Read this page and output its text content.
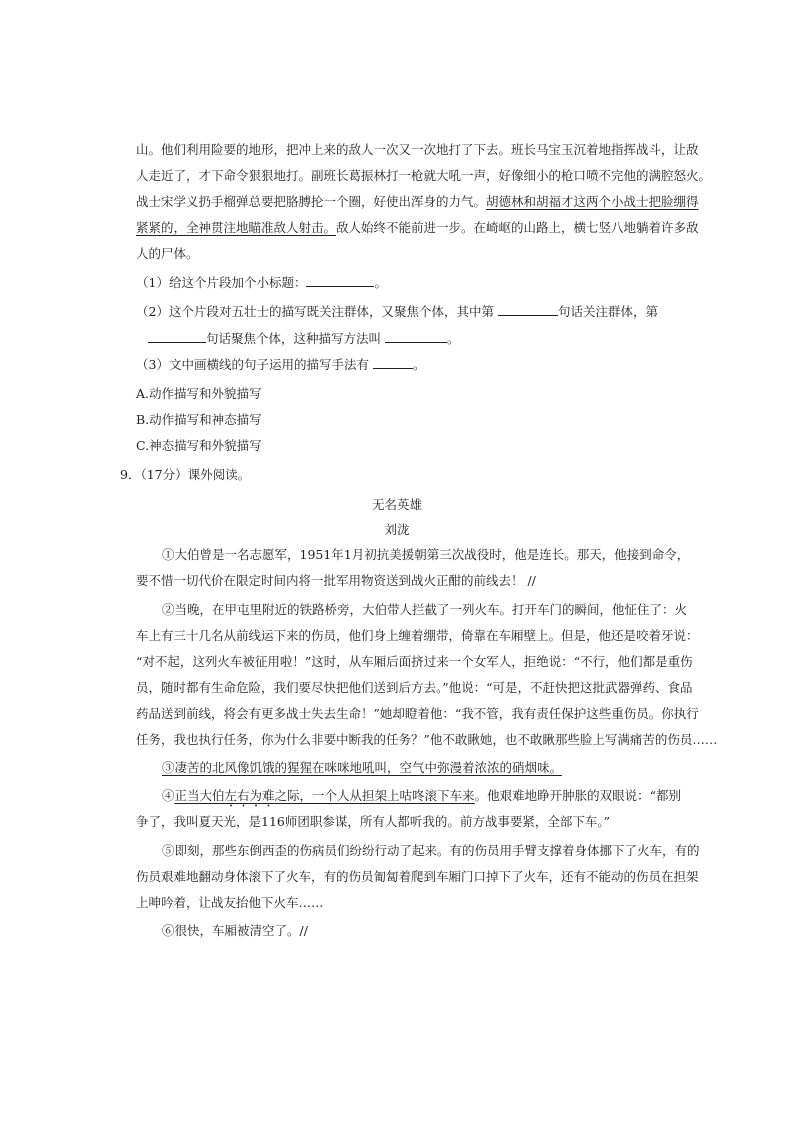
山。他们利用险要的地形，把冲上来的敌人一次又一次地打了下去。班长马宝玉沉着地指挥战斗，让敌
人走近了，才下命令狠狠地打。副班长葛振林打一枪就大吼一声，好像细小的枪口喷不完他的满腔怒火。
战士宋学义扔手榴弹总要把胳膊抡一个圈，好使出浑身的力气。胡德林和胡福才这两个小战士把脸绷得
紧紧的，全神贯注地瞄准敌人射击。敌人始终不能前进一步。在崎岖的山路上，横七竖八地躺着许多敌
人的尸体。
（1）给这个片段加个小标题：	。
（2）这个片段对五壮士的描写既关注群体，又聚焦个体，其中第	句话关注群体，第
句话聚焦个体，这种描写方法叫	。
（3）文中画横线的句子运用的描写手法有	。
A.动作描写和外貌描写
B.动作描写和神态描写
C.神态描写和外貌描写
9．（17分）课外阅读。
无名英雄
刘泷
①大伯曾是一名志愿军，1951年1月初抗美援朝第三次战役时，他是连长。那天，他接到命令，
要不惜一切代价在限定时间内将一批军用物资送到战火正酣的前线去！ //
②当晚，在甲屯里附近的铁路桥旁，大伯带人拦截了一列火车。打开车门的瞬间，他怔住了：火
车上有三十几名从前线运下来的伤员，他们身上缠着绷带，倚靠在车厢壁上。但是，他还是咬着牙说：
“对不起，这列火车被征用啦！”这时，从车厢后面挤过来一个女军人，拒绝说：“不行，他们都是重伤
员，随时都有生命危险，我们要尽快把他们送到后方去。”他说：“可是，不赶快把这批武器弹药、食品
药品送到前线，将会有更多战士失去生命！”她却瞪着他：“我不管，我有责任保护这些重伤员。你执行
任务，我也执行任务，你为什么非要中断我的任务？”他不敢瞅她，也不敢瞅那些脸上写满痛苦的伤员……
③凄苦的北风像饥饿的猩猩在咪咪地吼叫，空气中弥漫着浓浓的硝烟味。
④正当大伯左右为难之际，一个人从担架上咕咚滚下车来。他艰难地睁开肿胀的双眼说：“都别
争了，我叫夏天光，是116师团职参谋，所有人都听我的。前方战事要紧，全部下车。”
⑤即刻，那些东倒西歪的伤病员们纷纷行动了起来。有的伤员用手臂支撑着身体挪下了火车，有的
伤员艰难地翻动身体滚下了火车，有的伤员匍匐着爬到车厢门口掉下了火车，还有不能动的伤员在担架
上呻吟着，让战友抬他下火车……
⑥很快，车厢被清空了。//
